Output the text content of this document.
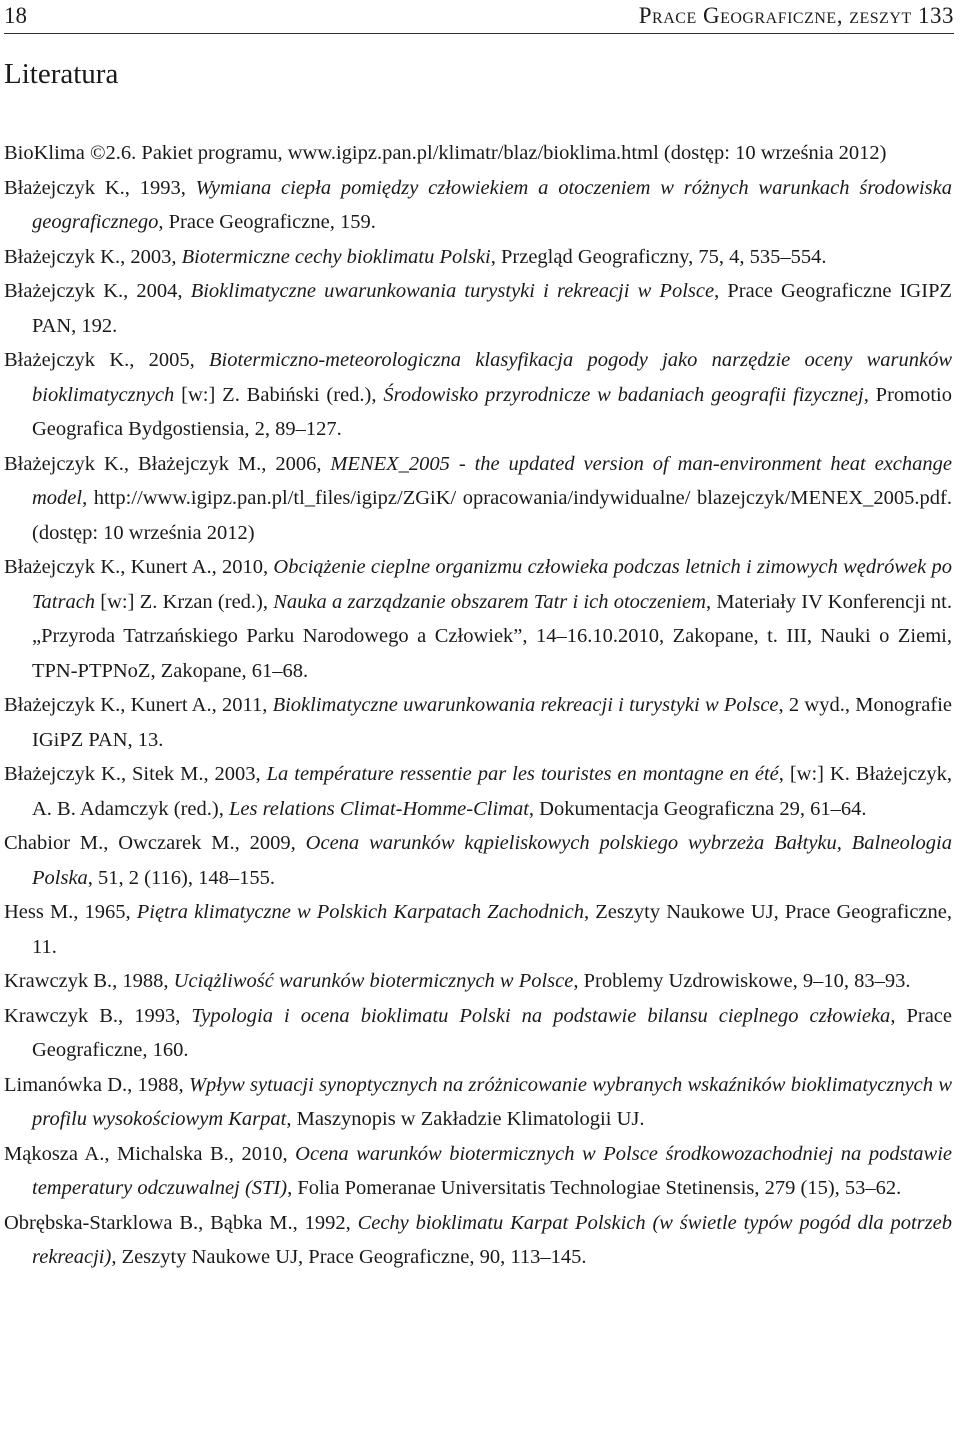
18	Prace Geograficzne, zeszyt 133
Literatura

BioKlima ©2.6. Pakiet programu, www.igipz.pan.pl/klimatr/blaz/bioklima.html (dostęp: 10 września 2012)

Błażejczyk K., 1993, Wymiana ciepła pomiędzy człowiekiem a otoczeniem w różnych warunkach środowiska geograficznego, Prace Geograficzne, 159.

Błażejczyk K., 2003, Biotermiczne cechy bioklimatu Polski, Przegląd Geograficzny, 75, 4, 535–554.

Błażejczyk K., 2004, Bioklimatyczne uwarunkowania turystyki i rekreacji w Polsce, Prace Geograficzne IGIPZ PAN, 192.

Błażejczyk K., 2005, Biotermiczno-meteorologiczna klasyfikacja pogody jako narzędzie oceny warunków bioklimatycznych [w:] Z. Babiński (red.), Środowisko przyrodnicze w badaniach geografii fizycznej, Promotio Geografica Bydgostiensia, 2, 89–127.

Błażejczyk K., Błażejczyk M., 2006, MENEX_2005 - the updated version of man-environment heat exchange model, http://www.igipz.pan.pl/tl_files/igipz/ZGiK/ opracowania/indywidualne/ blazejczyk/MENEX_2005.pdf. (dostęp: 10 września 2012)

Błażejczyk K., Kunert A., 2010, Obciążenie cieplne organizmu człowieka podczas letnich i zimowych wędrówek po Tatrach [w:] Z. Krzan (red.), Nauka a zarządzanie obszarem Tatr i ich otoczeniem, Materiały IV Konferencji nt. „Przyroda Tatrzańskiego Parku Narodowego a Człowiek”, 14–16.10.2010, Zakopane, t. III, Nauki o Ziemi, TPN-PTPNoZ, Zakopane, 61–68.

Błażejczyk K., Kunert A., 2011, Bioklimatyczne uwarunkowania rekreacji i turystyki w Polsce, 2 wyd., Monografie IGiPZ PAN, 13.

Błażejczyk K., Sitek M., 2003, La température ressentie par les touristes en montagne en été, [w:] K. Błażejczyk, A. B. Adamczyk (red.), Les relations Climat-Homme-Climat, Dokumentacja Geograficzna 29, 61–64.

Chabior M., Owczarek M., 2009, Ocena warunków kąpieliskowych polskiego wybrzeża Bałtyku, Balneologia Polska, 51, 2 (116), 148–155.

Hess M., 1965, Piętra klimatyczne w Polskich Karpatach Zachodnich, Zeszyty Naukowe UJ, Prace Geograficzne, 11.

Krawczyk B., 1988, Uciążliwość warunków biotermicznych w Polsce, Problemy Uzdrowiskowe, 9–10, 83–93.

Krawczyk B., 1993, Typologia i ocena bioklimatu Polski na podstawie bilansu cieplnego człowieka, Prace Geograficzne, 160.

Limanówka D., 1988, Wpływ sytuacji synoptycznych na zróżnicowanie wybranych wskaźników bioklimatycznych w profilu wysokościowym Karpat, Maszynopis w Zakładzie Klimatologii UJ.

Mąkosza A., Michalska B., 2010, Ocena warunków biotermicznych w Polsce środkowozachodniej na podstawie temperatury odczuwalnej (STI), Folia Pomeranae Universitatis Technologiae Stetinensis, 279 (15), 53–62.

Obrębska-Starklowa B., Bąbka M., 1992, Cechy bioklimatu Karpat Polskich (w świetle typów pogód dla potrzeb rekreacji), Zeszyty Naukowe UJ, Prace Geograficzne, 90, 113–145.
